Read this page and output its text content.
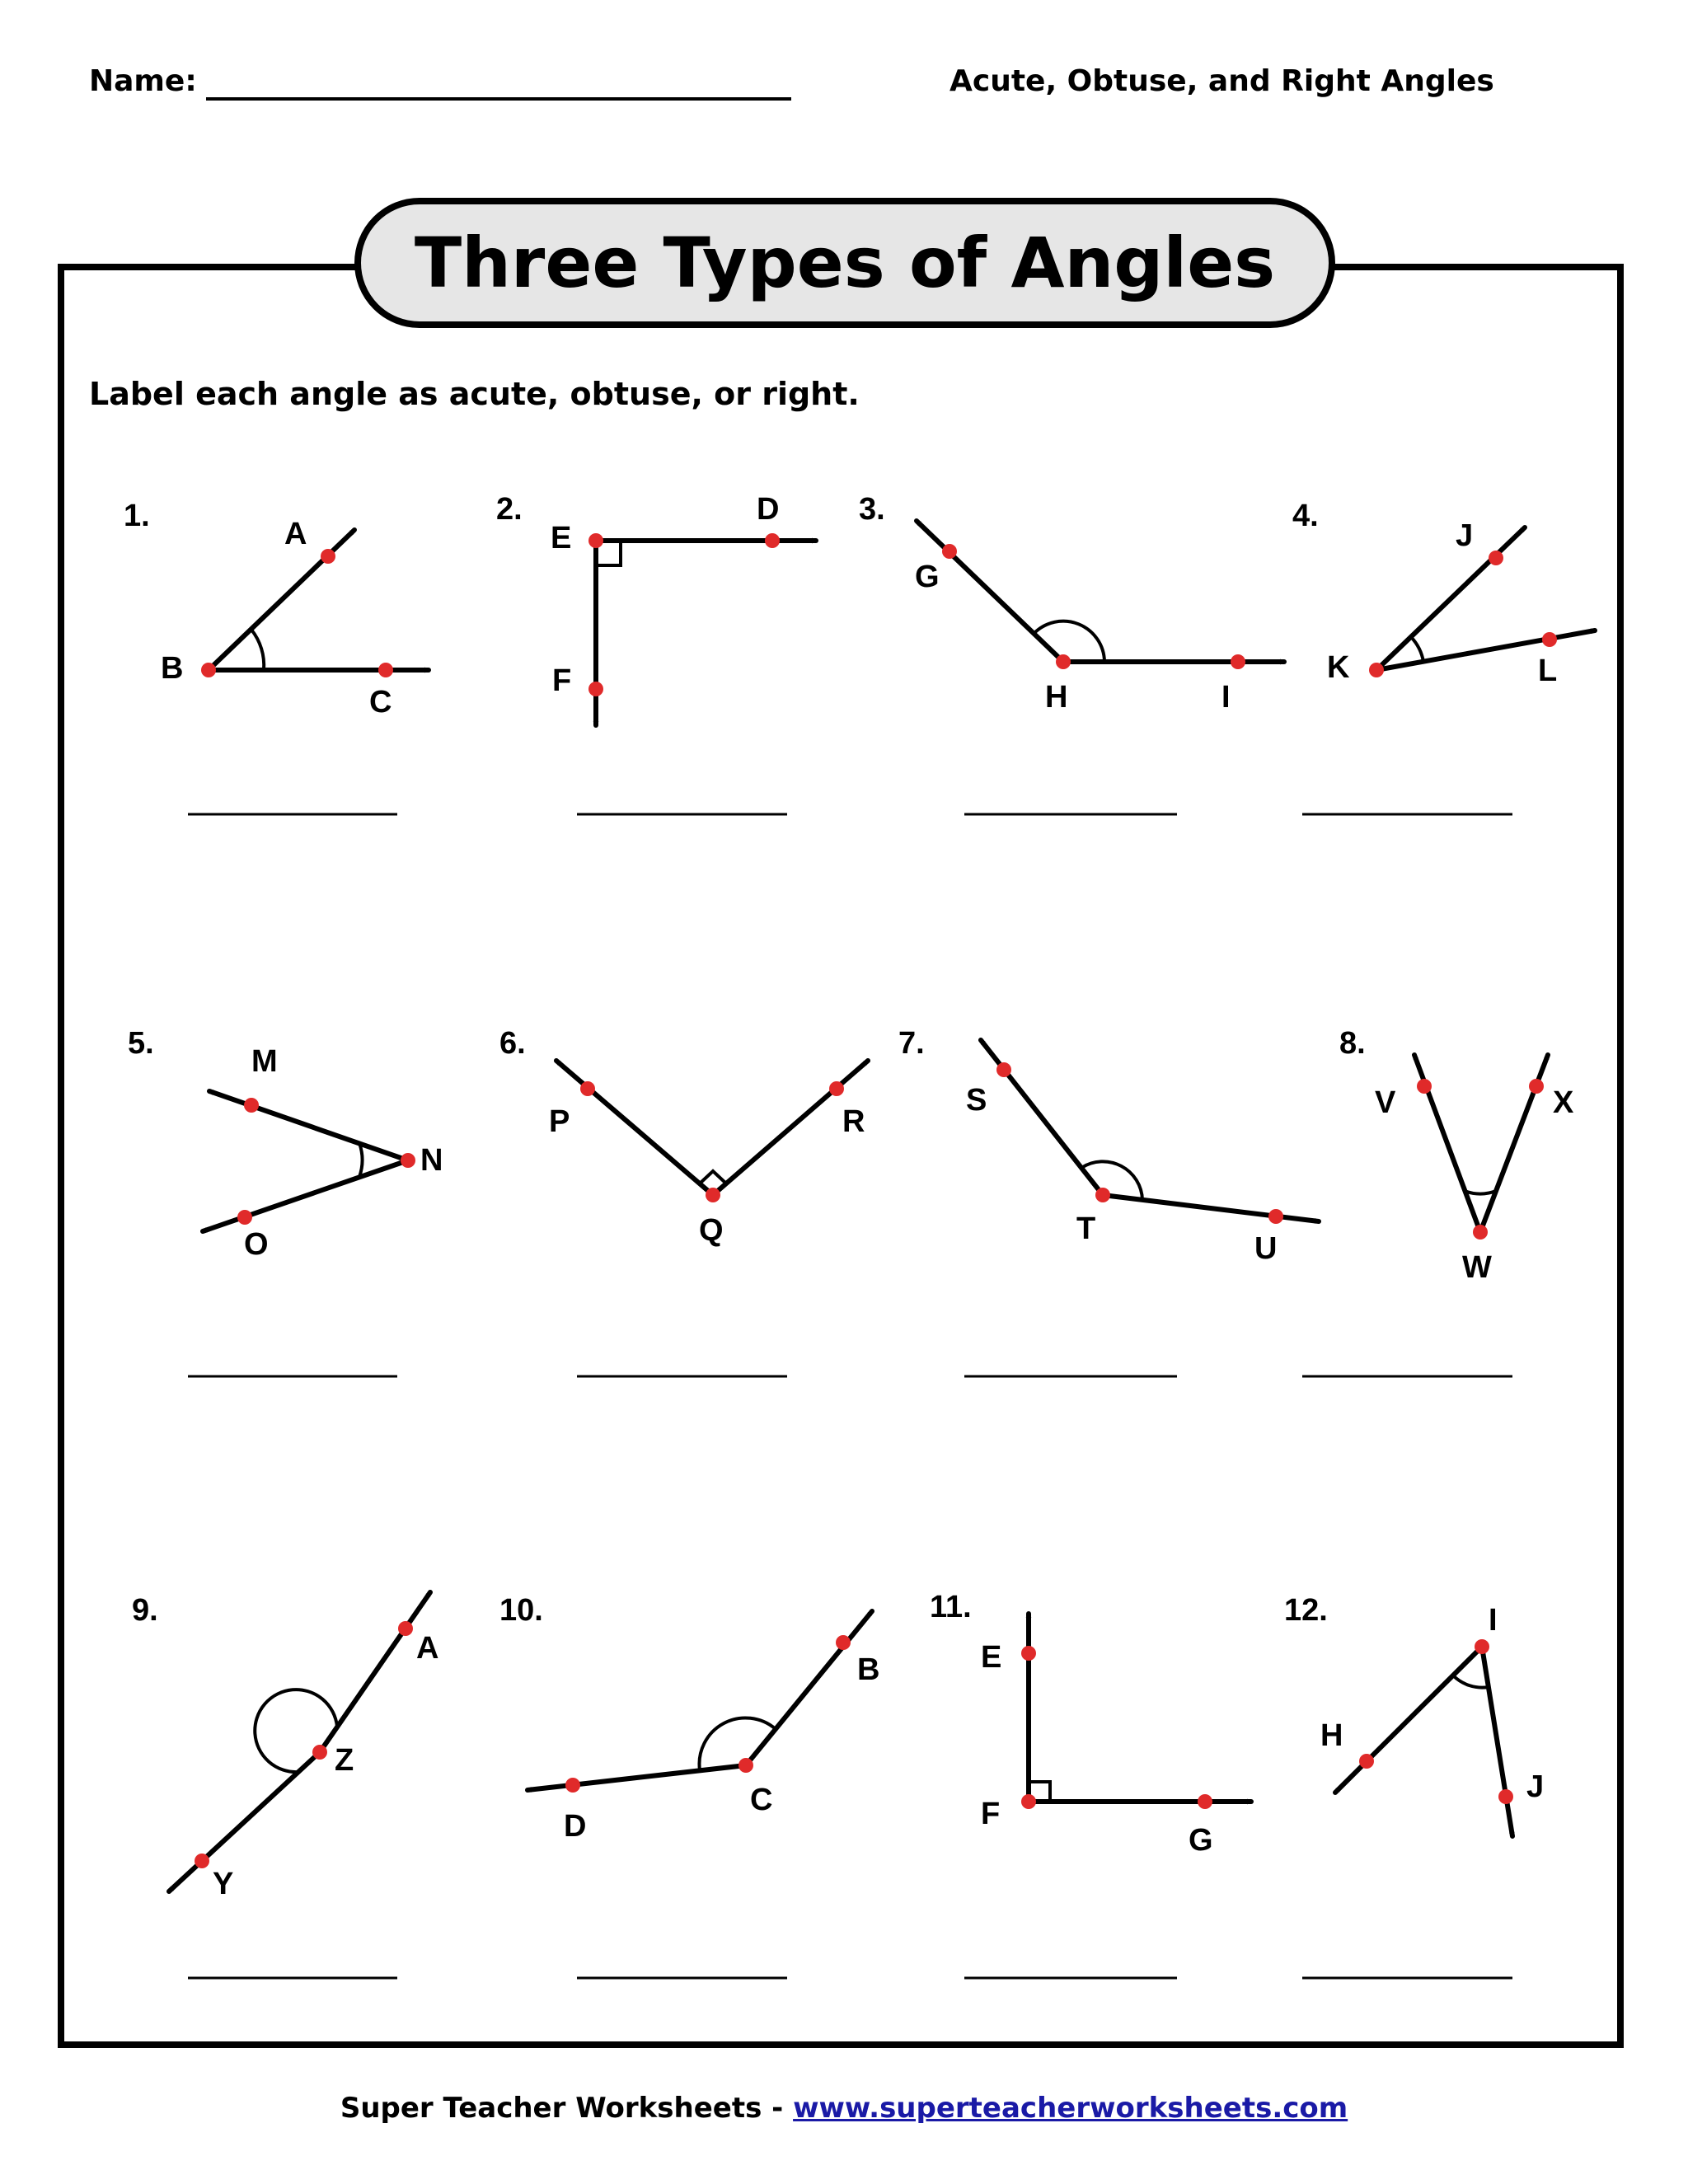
Name:	Acute, Obtuse, and Right Angles
Three Types of Angles
Label each angle as acute, obtuse, or right.
1.
A
B
C
2.	D
E
F
3.
G
H	I
4.
J
K	L
5.
M
N
O
6.
P
Q
R
7.
S
T
U
8.
V
W
X
9.
A
Z
Y
10.
B
C
D
11.
E
F
G
12.	I
H
J
Super Teacher Worksheets - www.superteacherworksheets.com
